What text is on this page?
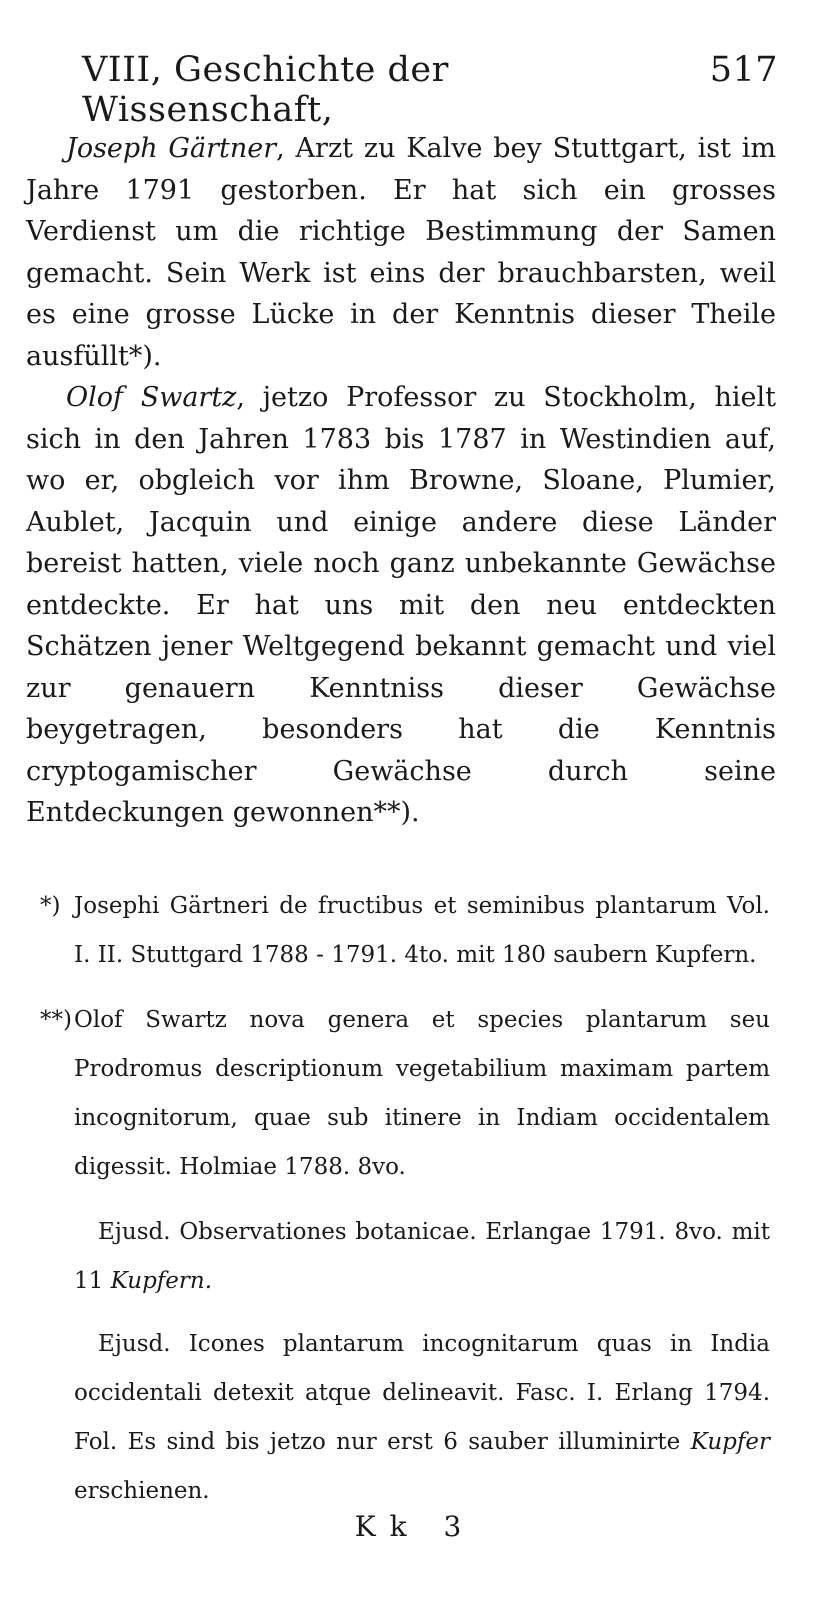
VIII, Geschichte der Wissenschaft,
517

Joseph Gärtner, Arzt zu Kalve bey Stuttgart, ist im Jahre 1791 gestorben. Er hat sich ein grosses Verdienst um die richtige Bestimmung der Samen gemacht. Sein Werk ist eins der brauchbarsten, weil es eine grosse Lücke in der Kenntnis dieser Theile ausfüllt*).

Olof Swartz, jetzo Professor zu Stockholm, hielt sich in den Jahren 1783 bis 1787 in Westindien auf, wo er, obgleich vor ihm Browne, Sloane, Plumier, Aublet, Jacquin und einige andere diese Länder bereist hatten, viele noch ganz unbekannte Gewächse entdeckte. Er hat uns mit den neu entdeckten Schätzen jener Weltgegend bekannt gemacht und viel zur genauern Kenntniss dieser Gewächse beygetragen, besonders hat die Kenntnis cryptogamischer Gewächse durch seine Entdeckungen gewonnen**).

*) Josephi Gärtneri de fructibus et seminibus plantarum Vol. I. II. Stuttgard 1788 - 1791. 4to. mit 180 saubern Kupfern.

**)Olof Swartz nova genera et species plantarum seu Prodromus descriptionum vegetabilium maximam partem incognitorum, quae sub itinere in Indiam occidentalem digessit. Holmiae 1788. 8vo.

Ejusd. Observationes botanicae. Erlangae 1791. 8vo. mit 11 Kupfern.

Ejusd. Icones plantarum incognitarum quas in India occidentali detexit atque delineavit. Fasc. I. Erlang 1794. Fol. Es sind bis jetzo nur erst 6 sauber illuminirte Kupfer erschienen.

Kk 3
